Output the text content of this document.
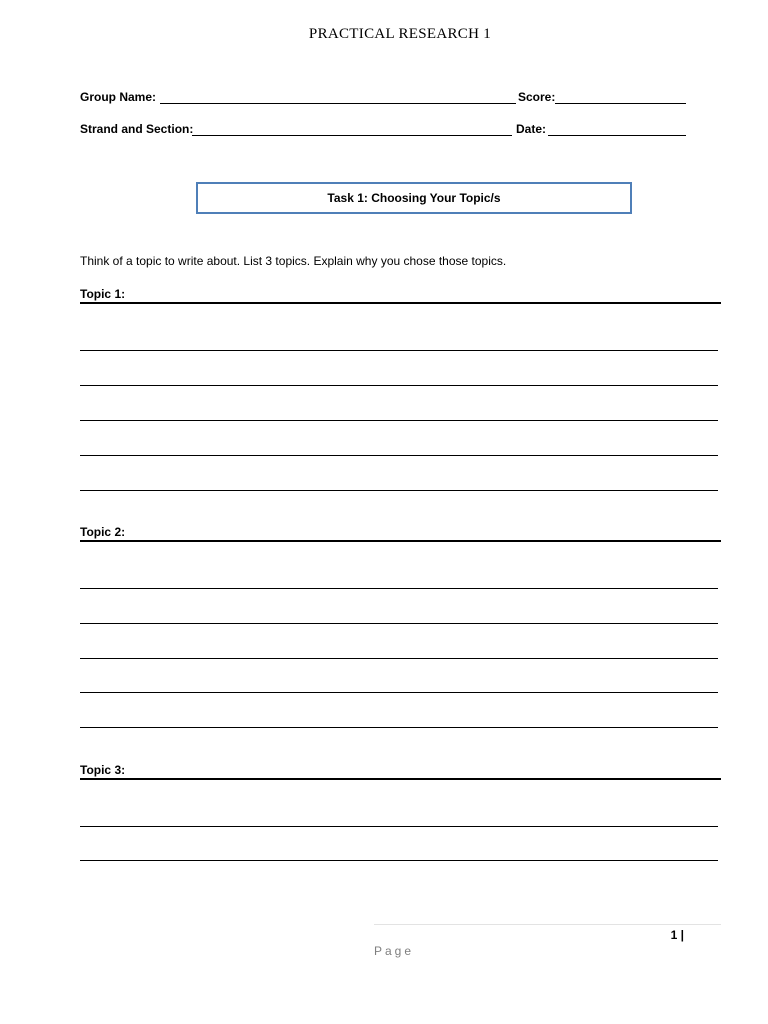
PRACTICAL RESEARCH 1
Group Name:	Score:
Strand and Section:	Date:
Task 1: Choosing Your Topic/s
Think of a topic to write about. List 3 topics. Explain why you chose those topics.
Topic 1:
Topic 2:
Topic 3:
1 |
Page
